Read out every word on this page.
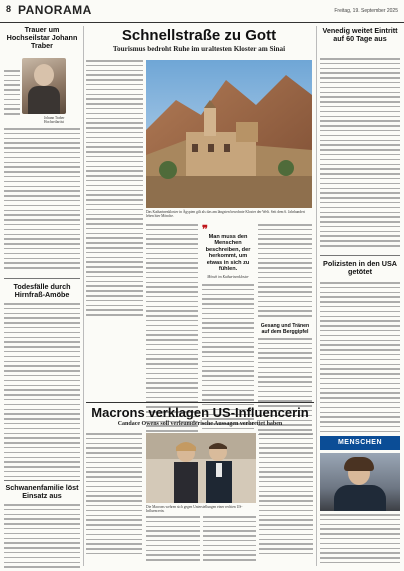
8 PANORAMA	Freitag, 19. September 2025
Trauer um Hochseilstar Johann Traber
Johann Traber Hochseilartist
Todesfälle durch Hirnfraß-Amöbe
Schwanenfamilie löst Einsatz aus
Schnellstraße zu Gott
Tourismus bedroht Ruhe im uraltesten Kloster am Sinai
Das Katharinenkloster in Ägypten gilt als das am längsten bewohnte Kloster der Welt. Seit dem 6. Jahrhundert leben hier Mönche.
❞
Man muss den Menschen beschreiben, der herkommt, um etwas in sich zu fühlen.
Mönch im Katharinenkloster
Gesang und Tränen auf dem Berggipfel
Venedig weitet Eintritt auf 60 Tage aus
Polizisten in den USA getötet
MENSCHEN
Macrons verklagen US-Influencerin
Candace Owens soll verleumderische Aussagen verbreitet haben
Die Macrons wehren sich gegen Unterstellungen einer rechten US-Influencerin.
